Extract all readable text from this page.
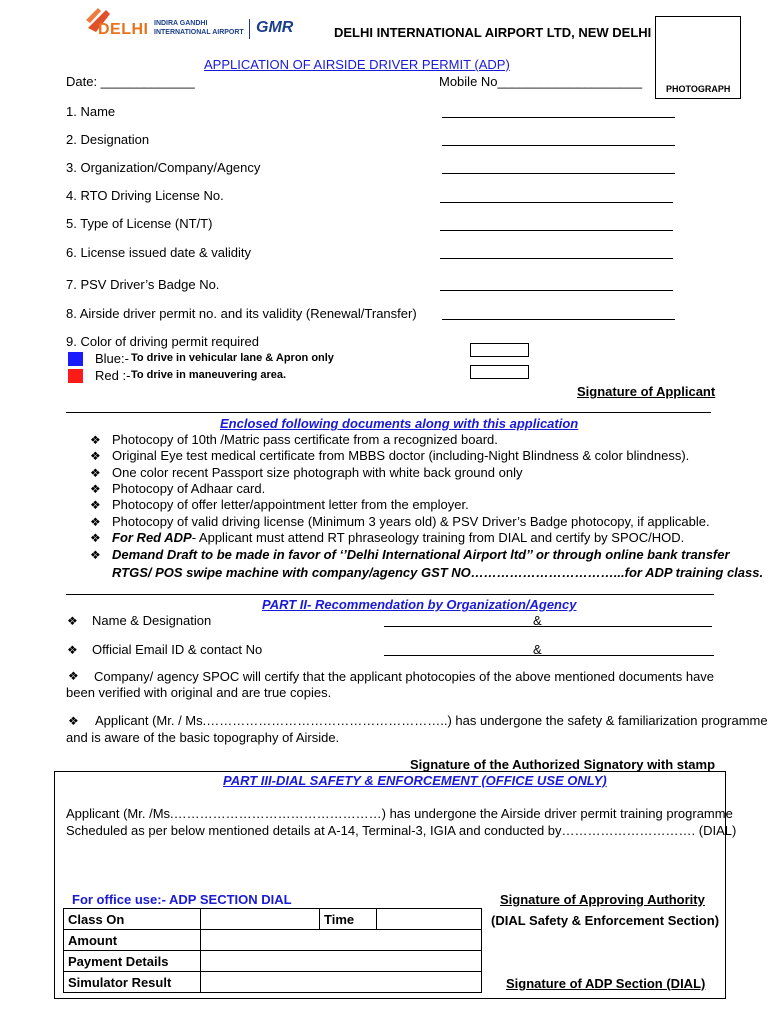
DELHI INDIRA GANDHI
INTERNATIONAL AIRPORT GMR	DELHI INTERNATIONAL AIRPORT LTD, NEW DELHI
PHOTOGRAPH
APPLICATION OF AIRSIDE DRIVER PERMIT (ADP)
Date: _____________	Mobile No____________________
1. Name
2. Designation
3. Organization/Company/Agency
4. RTO Driving License No.
5. Type of License (NT/T)
6. License issued date & validity
7. PSV Driver’s Badge No.
8. Airside driver permit no. and its validity (Renewal/Transfer)
9. Color of driving permit required
Blue:- To drive in vehicular lane & Apron only
Red :- To drive in maneuvering area.
Signature of Applicant
Enclosed following documents along with this application
❖ Photocopy of 10th /Matric pass certificate from a recognized board.
❖ Original Eye test medical certificate from MBBS doctor (including-Night Blindness & color blindness).
❖ One color recent Passport size photograph with white back ground only
❖ Photocopy of Adhaar card.
❖ Photocopy of offer letter/appointment letter from the employer.
❖ Photocopy of valid driving license (Minimum 3 years old) & PSV Driver’s Badge photocopy, if applicable.
❖ For Red ADP- Applicant must attend RT phraseology training from DIAL and certify by SPOC/HOD.
❖ Demand Draft to be made in favor of ‘’Delhi International Airport ltd’’ or through online bank transfer
RTGS/ POS swipe machine with company/agency GST NO……………………………...for ADP training class.
PART II- Recommendation by Organization/Agency
❖ Name & Designation	&
❖ Official Email ID & contact No	&
❖ Company/ agency SPOC will certify that the applicant photocopies of the above mentioned documents have
been verified with original and are true copies.
❖ Applicant (Mr. / Ms.………………………………………………..) has undergone the safety & familiarization programme
and is aware of the basic topography of Airside.
Signature of the Authorized Signatory with stamp
PART III-DIAL SAFETY & ENFORCEMENT (OFFICE USE ONLY)
Applicant (Mr. /Ms.…………………………………………) has undergone the Airside driver permit training programme
Scheduled as per below mentioned details at A-14, Terminal-3, IGIA and conducted by…………………………. (DIAL)
For office use:- ADP SECTION DIAL
Class On		Time	
Amount			
Payment Details			
Simulator Result			
Signature of Approving Authority
(DIAL Safety & Enforcement Section)
Signature of ADP Section (DIAL)
